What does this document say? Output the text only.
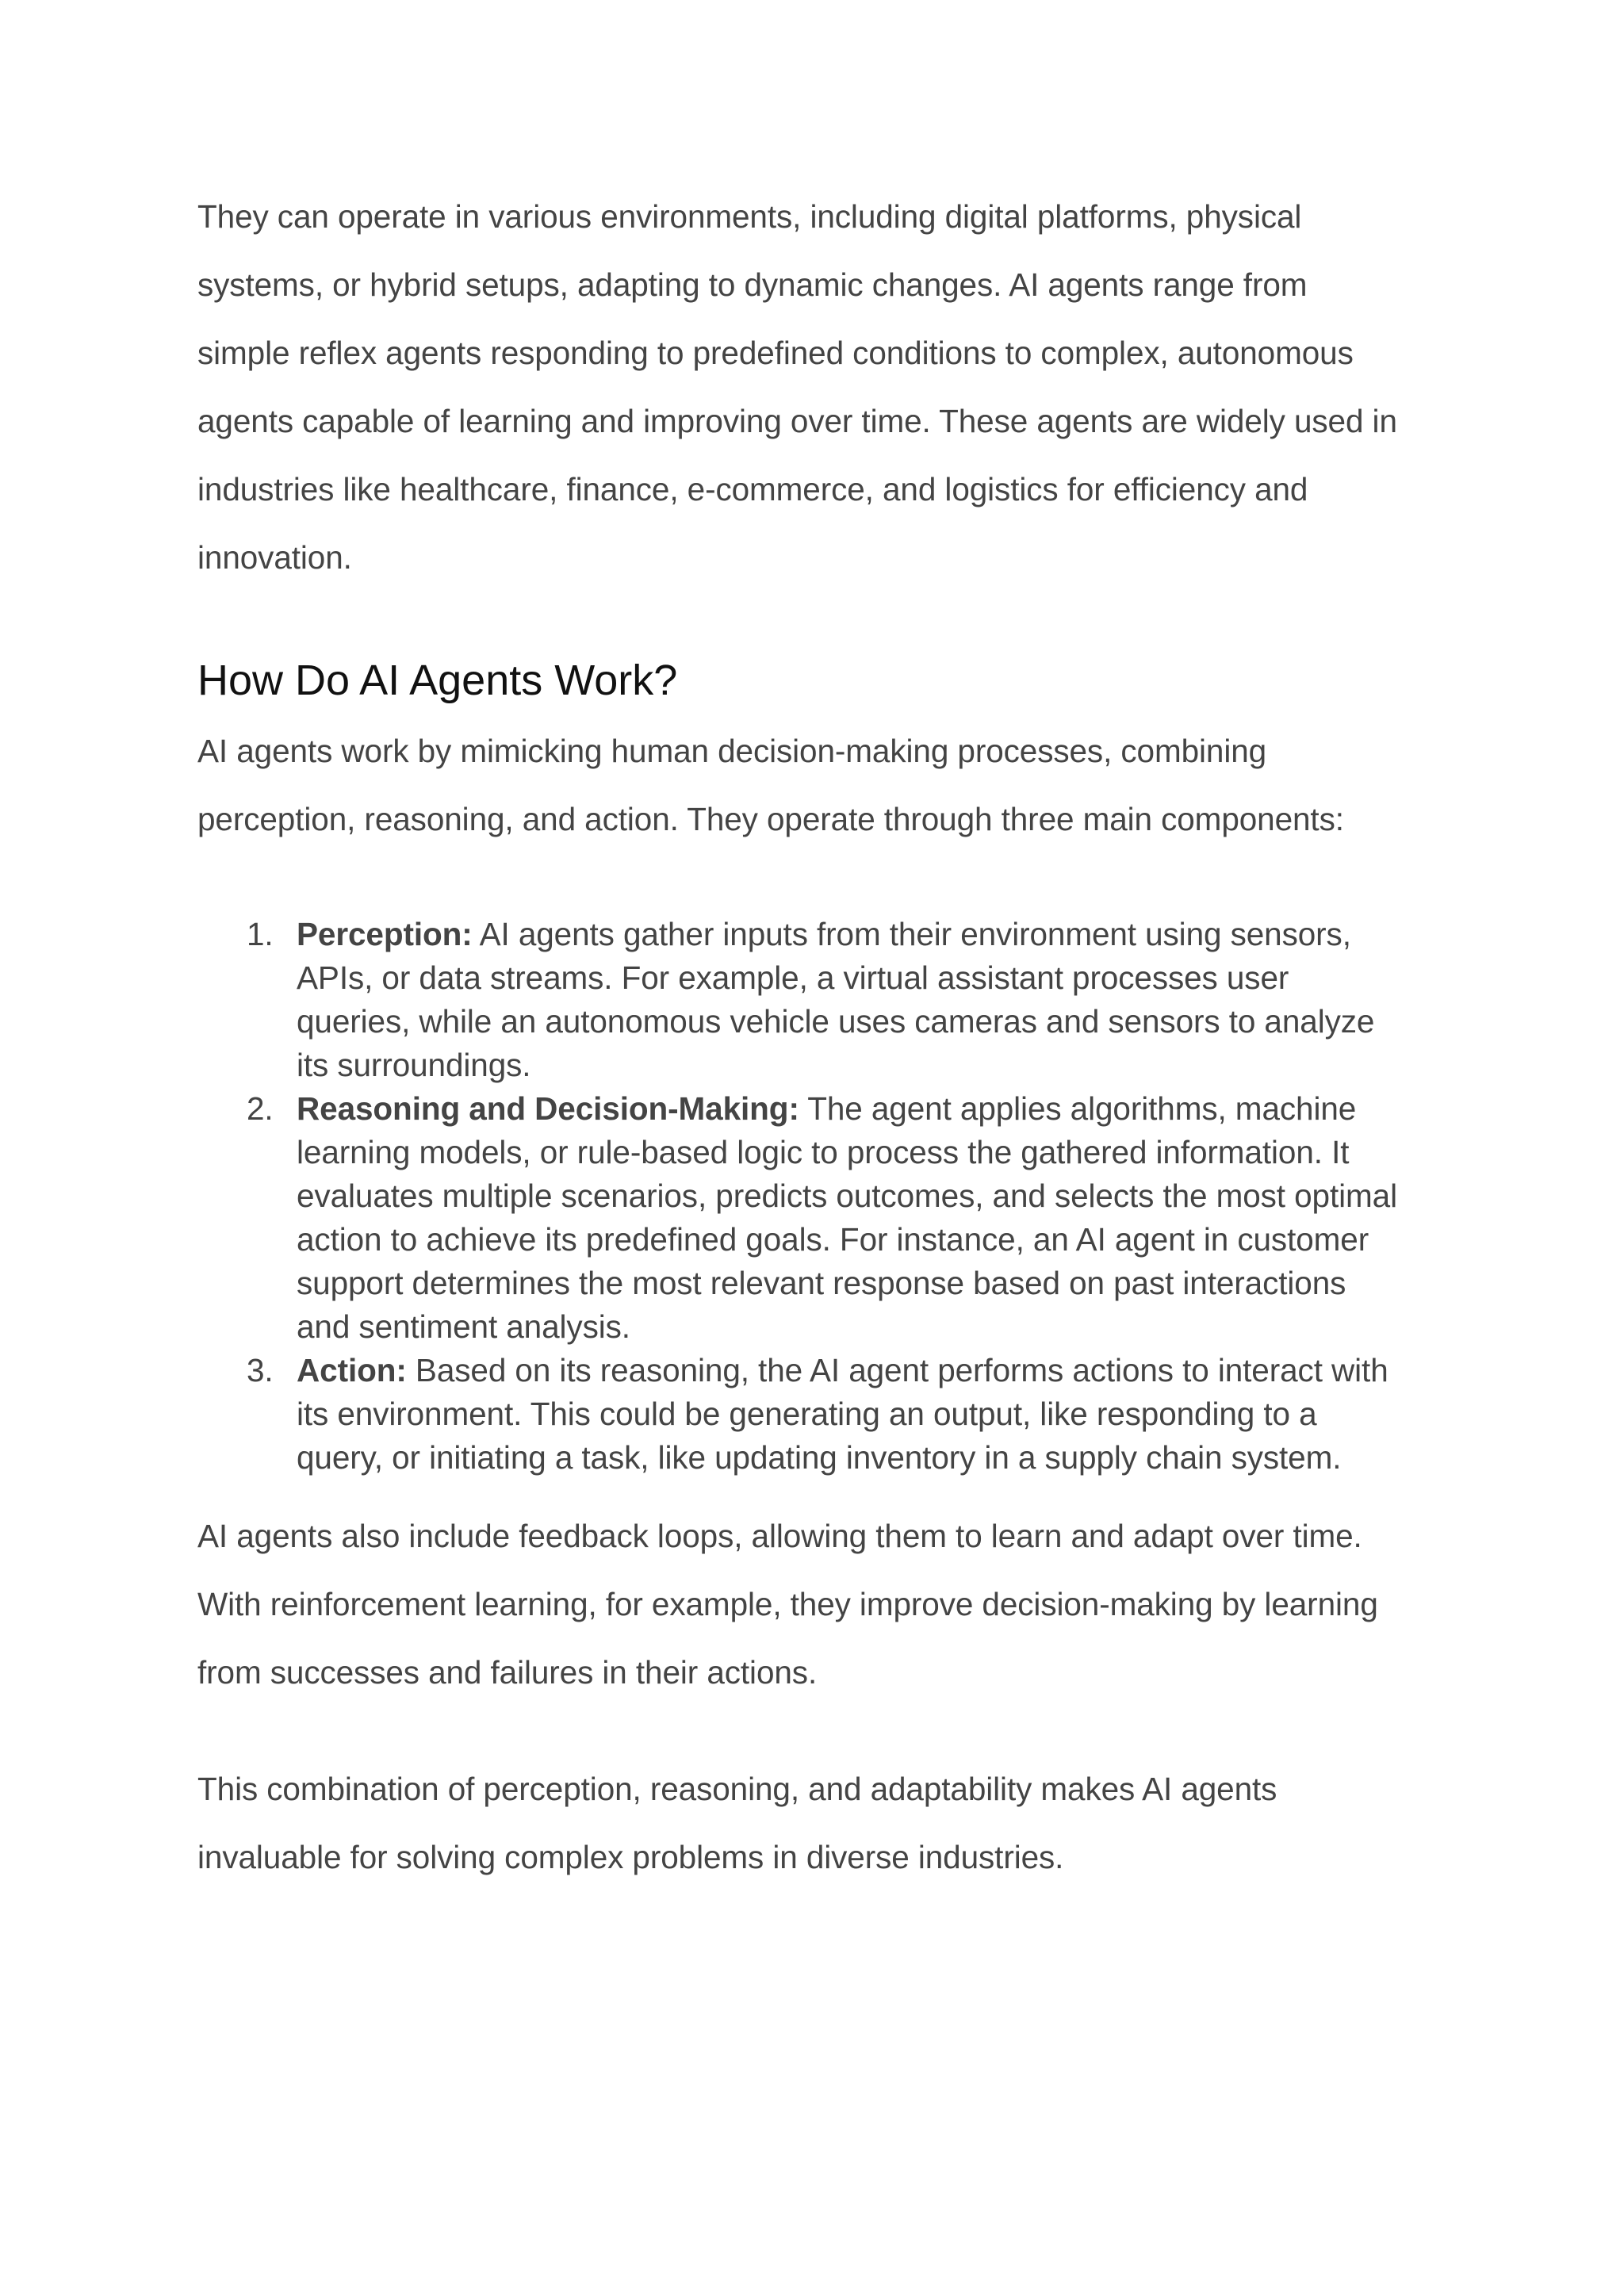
They can operate in various environments, including digital platforms, physical
systems, or hybrid setups, adapting to dynamic changes. AI agents range from
simple reflex agents responding to predefined conditions to complex, autonomous
agents capable of learning and improving over time. These agents are widely used in
industries like healthcare, finance, e-commerce, and logistics for efficiency and
innovation.

How Do AI Agents Work?

AI agents work by mimicking human decision-making processes, combining
perception, reasoning, and action. They operate through three main components:

1. Perception: AI agents gather inputs from their environment using sensors,
APIs, or data streams. For example, a virtual assistant processes user
queries, while an autonomous vehicle uses cameras and sensors to analyze
its surroundings.
2. Reasoning and Decision-Making: The agent applies algorithms, machine
learning models, or rule-based logic to process the gathered information. It
evaluates multiple scenarios, predicts outcomes, and selects the most optimal
action to achieve its predefined goals. For instance, an AI agent in customer
support determines the most relevant response based on past interactions
and sentiment analysis.
3. Action: Based on its reasoning, the AI agent performs actions to interact with
its environment. This could be generating an output, like responding to a
query, or initiating a task, like updating inventory in a supply chain system.

AI agents also include feedback loops, allowing them to learn and adapt over time.
With reinforcement learning, for example, they improve decision-making by learning
from successes and failures in their actions.

This combination of perception, reasoning, and adaptability makes AI agents
invaluable for solving complex problems in diverse industries.
